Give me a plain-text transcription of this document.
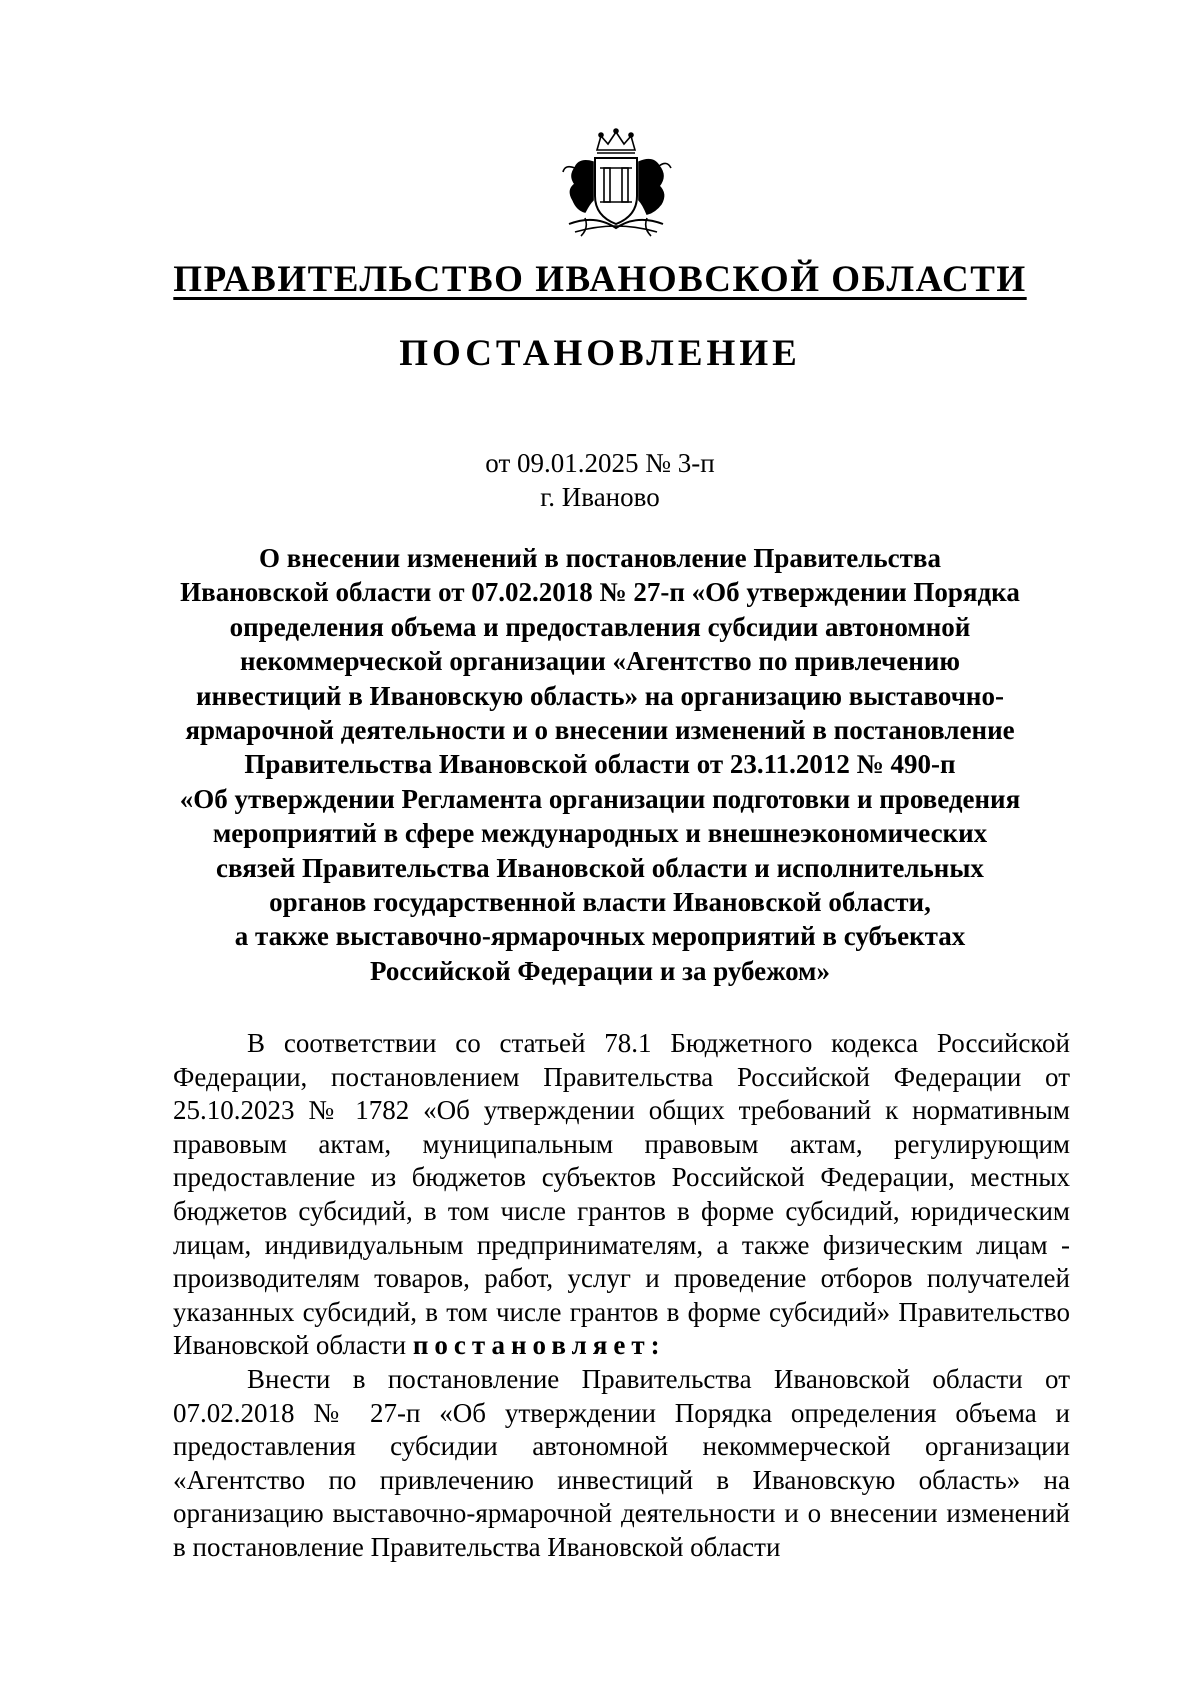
ПРАВИТЕЛЬСТВО ИВАНОВСКОЙ ОБЛАСТИ
ПОСТАНОВЛЕНИЕ
от 09.01.2025 № 3-п
г. Иваново
О внесении изменений в постановление Правительства
Ивановской области от 07.02.2018 № 27-п «Об утверждении Порядка
определения объема и предоставления субсидии автономной
некоммерческой организации «Агентство по привлечению
инвестиций в Ивановскую область» на организацию выставочно-
ярмарочной деятельности и о внесении изменений в постановление
Правительства Ивановской области от 23.11.2012 № 490-п
«Об утверждении Регламента организации подготовки и проведения
мероприятий в сфере международных и внешнеэкономических
связей Правительства Ивановской области и исполнительных
органов государственной власти Ивановской области,
а также выставочно-ярмарочных мероприятий в субъектах
Российской Федерации и за рубежом»

В соответствии со статьей 78.1 Бюджетного кодекса Российской Федерации, постановлением Правительства Российской Федерации от 25.10.2023 № 1782 «Об утверждении общих требований к нормативным правовым актам, муниципальным правовым актам, регулирующим предоставление из бюджетов субъектов Российской Федерации, местных бюджетов субсидий, в том числе грантов в форме субсидий, юридическим лицам, индивидуальным предпринимателям, а также физическим лицам - производителям товаров, работ, услуг и проведение отборов получателей указанных субсидий, в том числе грантов в форме субсидий» Правительство Ивановской области постановляет:

Внести в постановление Правительства Ивановской области от 07.02.2018 № 27-п «Об утверждении Порядка определения объема и предоставления субсидии автономной некоммерческой организации «Агентство по привлечению инвестиций в Ивановскую область» на организацию выставочно-ярмарочной деятельности и о внесении изменений в постановление Правительства Ивановской области
